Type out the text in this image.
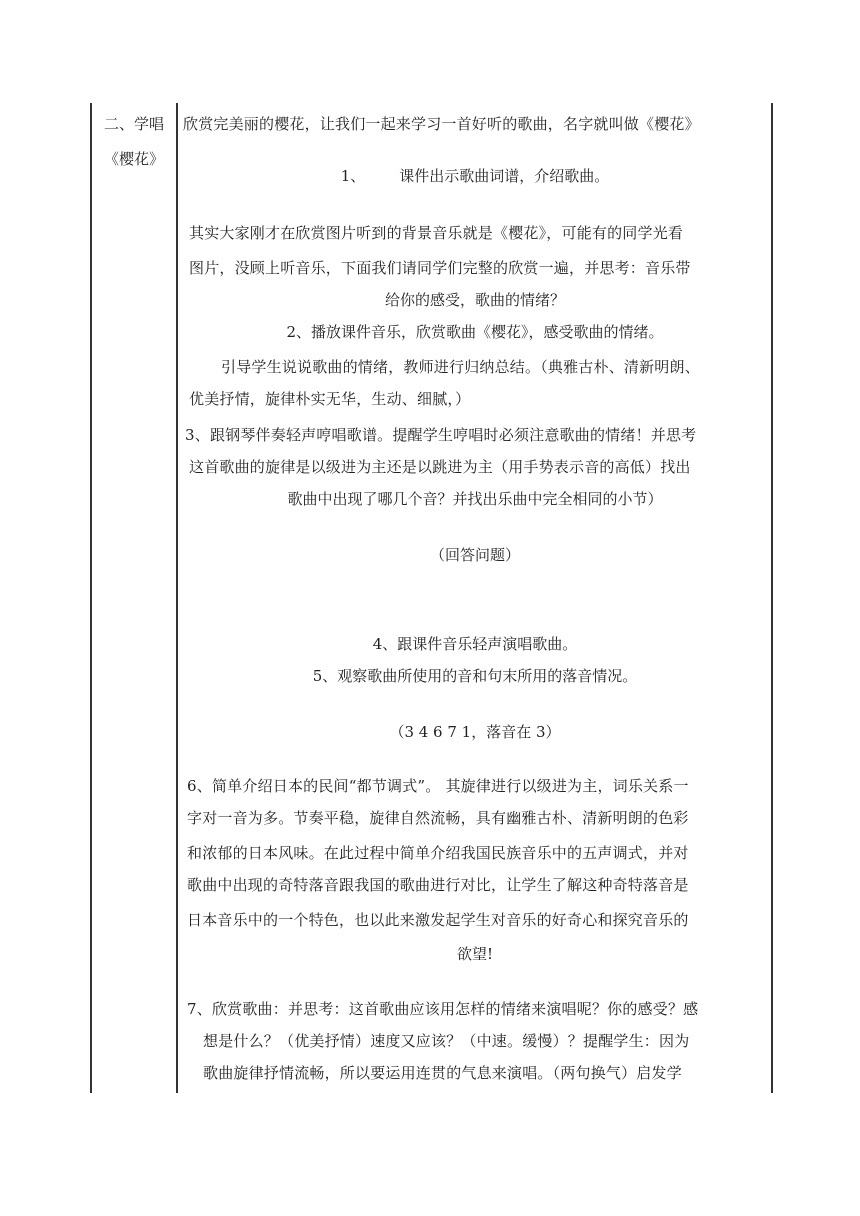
二、学唱
《樱花》
欣赏完美丽的樱花，让我们一起来学习一首好听的歌曲，名字就叫做《樱花》
1、 课件出示歌曲词谱，介绍歌曲。
其实大家刚才在欣赏图片听到的背景音乐就是《樱花》，可能有的同学光看
图片，没顾上听音乐，下面我们请同学们完整的欣赏一遍，并思考：音乐带
给你的感受，歌曲的情绪？
2、播放课件音乐，欣赏歌曲《樱花》，感受歌曲的情绪。
引导学生说说歌曲的情绪，教师进行归纳总结。（典雅古朴、清新明朗、
优美抒情，旋律朴实无华，生动、细腻，）
3、跟钢琴伴奏轻声哼唱歌谱。提醒学生哼唱时必须注意歌曲的情绪！并思考
这首歌曲的旋律是以级进为主还是以跳进为主（用手势表示音的高低）找出
歌曲中出现了哪几个音？并找出乐曲中完全相同的小节）
（回答问题）
4、跟课件音乐轻声演唱歌曲。
5、观察歌曲所使用的音和句末所用的落音情况。
（3 4 6 7 1，落音在 3）
6、简单介绍日本的民间“都节调式”。 其旋律进行以级进为主，词乐关系一
字对一音为多。节奏平稳，旋律自然流畅，具有幽雅古朴、清新明朗的色彩
和浓郁的日本风味。在此过程中简单介绍我国民族音乐中的五声调式，并对
歌曲中出现的奇特落音跟我国的歌曲进行对比，让学生了解这种奇特落音是
日本音乐中的一个特色，也以此来激发起学生对音乐的好奇心和探究音乐的
欲望!
7、欣赏歌曲：并思考：这首歌曲应该用怎样的情绪来演唱呢？你的感受？感
想是什么？（优美抒情）速度又应该？（中速。缓慢）？提醒学生：因为
歌曲旋律抒情流畅，所以要运用连贯的气息来演唱。（两句换气）启发学
